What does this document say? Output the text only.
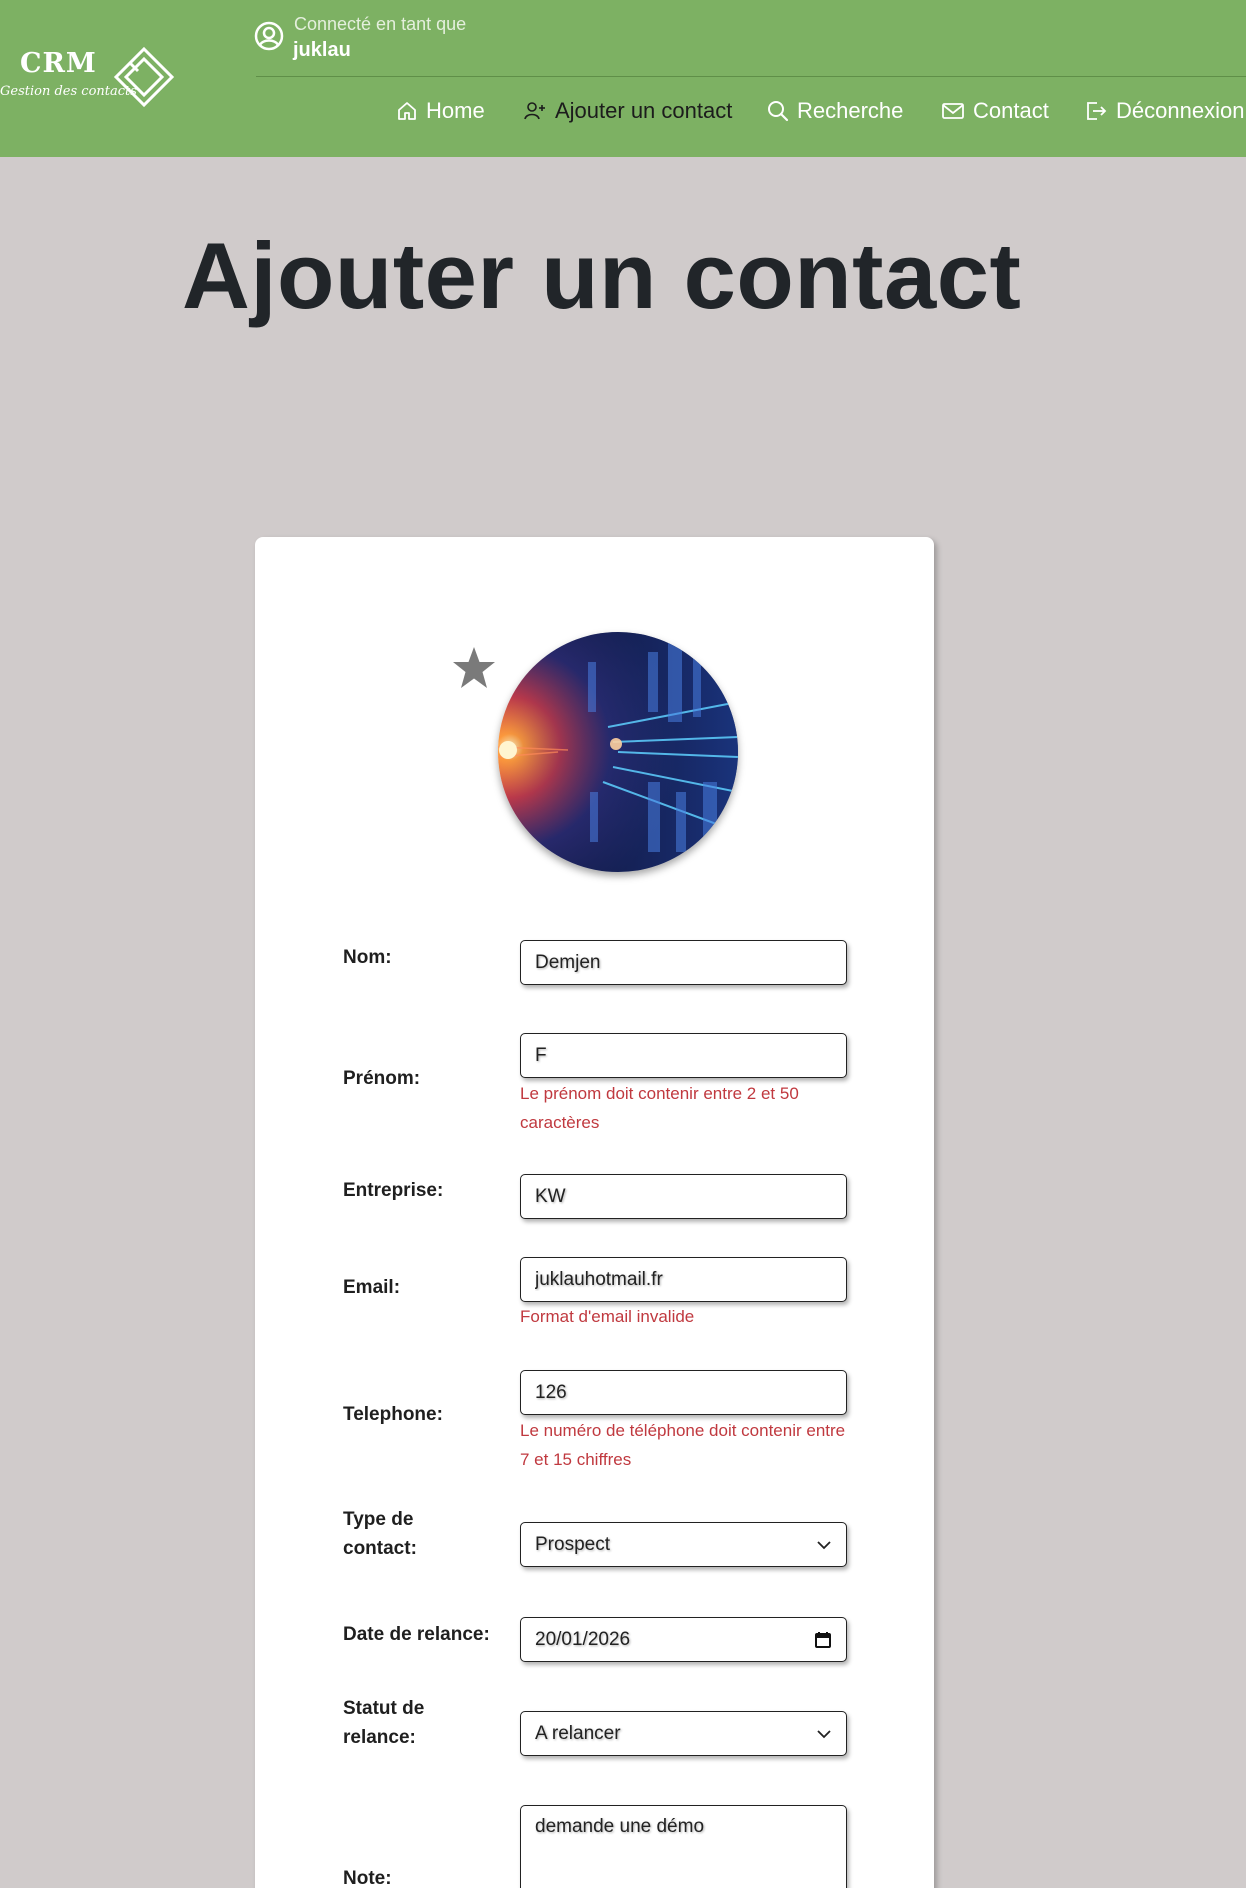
CRM
Gestion des contacts
Connecté en tant que
juklau
Home	Ajouter un contact	Recherche	Contact	Déconnexion
Ajouter un contact
Nom:	Demjen
Prénom:
F
Le prénom doit contenir entre 2 et 50 caractères
Entreprise:	KW
Email:	juklauhotmail.fr
Format d'email invalide
Telephone:
126
Le numéro de téléphone doit contenir entre 7 et 15 chiffres
Type de contact:	Prospect
Date de relance: 20/01/2026
Statut de relance:	A relancer
Note:
demande une démo
